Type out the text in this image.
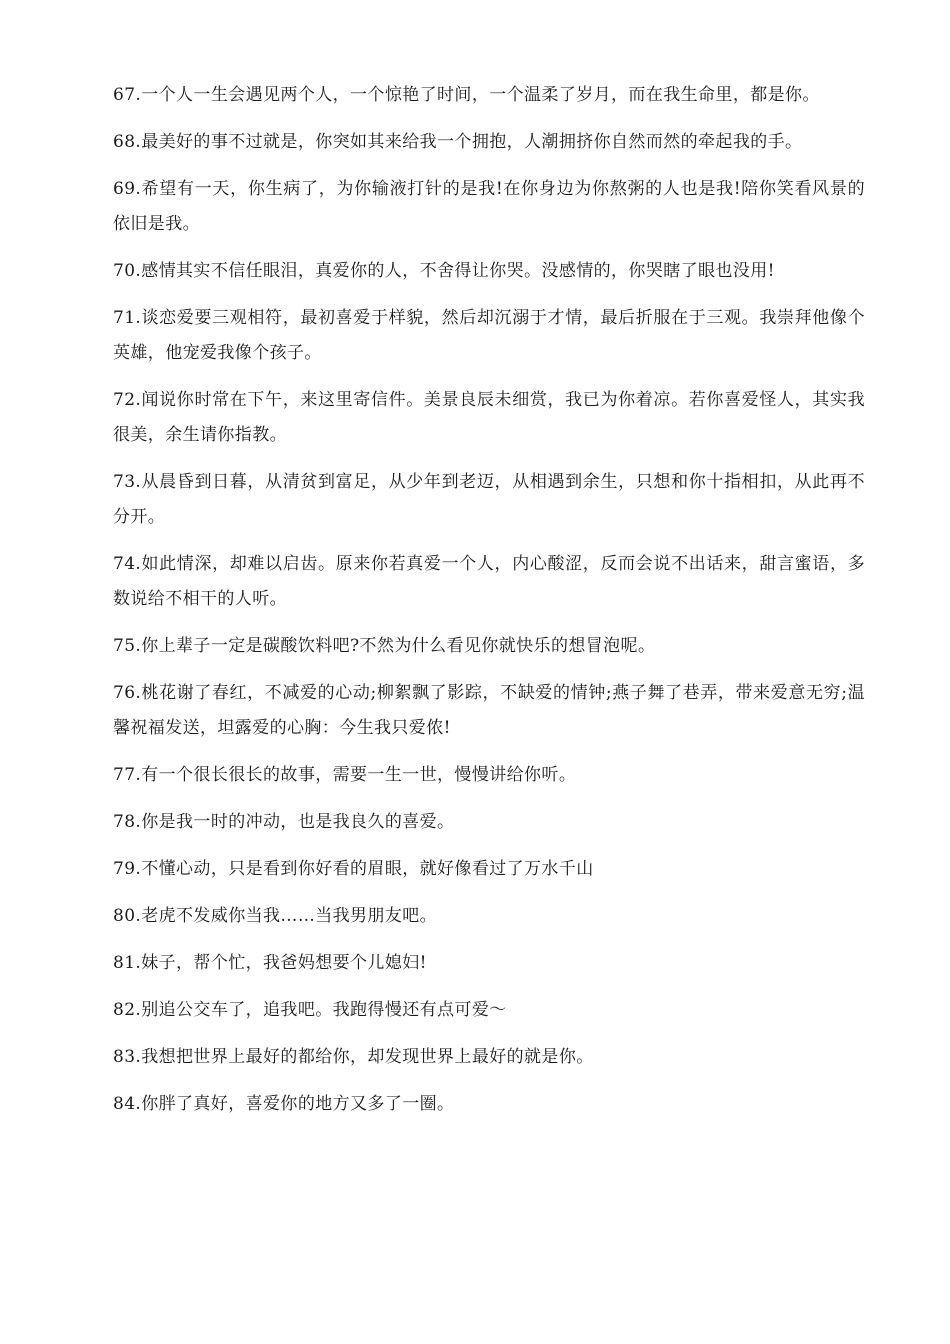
67.一个人一生会遇见两个人，一个惊艳了时间，一个温柔了岁月，而在我生命里，都是你。

68.最美好的事不过就是，你突如其来给我一个拥抱，人潮拥挤你自然而然的牵起我的手。

69.希望有一天，你生病了，为你输液打针的是我!在你身边为你熬粥的人也是我!陪你笑看风景的依旧是我。

70.感情其实不信任眼泪，真爱你的人，不舍得让你哭。没感情的，你哭瞎了眼也没用!

71.谈恋爱要三观相符，最初喜爱于样貌，然后却沉溺于才情，最后折服在于三观。我崇拜他像个英雄，他宠爱我像个孩子。

72.闻说你时常在下午，来这里寄信件。美景良辰未细赏，我已为你着凉。若你喜爱怪人，其实我很美，余生请你指教。

73.从晨昏到日暮，从清贫到富足，从少年到老迈，从相遇到余生，只想和你十指相扣，从此再不分开。

74.如此情深，却难以启齿。原来你若真爱一个人，内心酸涩，反而会说不出话来，甜言蜜语，多数说给不相干的人听。

75.你上辈子一定是碳酸饮料吧?不然为什么看见你就快乐的想冒泡呢。

76.桃花谢了春红，不减爱的心动;柳絮飘了影踪，不缺爱的情钟;燕子舞了巷弄，带来爱意无穷;温馨祝福发送，坦露爱的心胸：今生我只爱侬!

77.有一个很长很长的故事，需要一生一世，慢慢讲给你听。

78.你是我一时的冲动，也是我良久的喜爱。

79.不懂心动，只是看到你好看的眉眼，就好像看过了万水千山

80.老虎不发威你当我……当我男朋友吧。

81.妹子，帮个忙，我爸妈想要个儿媳妇!

82.别追公交车了，追我吧。我跑得慢还有点可爱～

83.我想把世界上最好的都给你，却发现世界上最好的就是你。

84.你胖了真好，喜爱你的地方又多了一圈。
